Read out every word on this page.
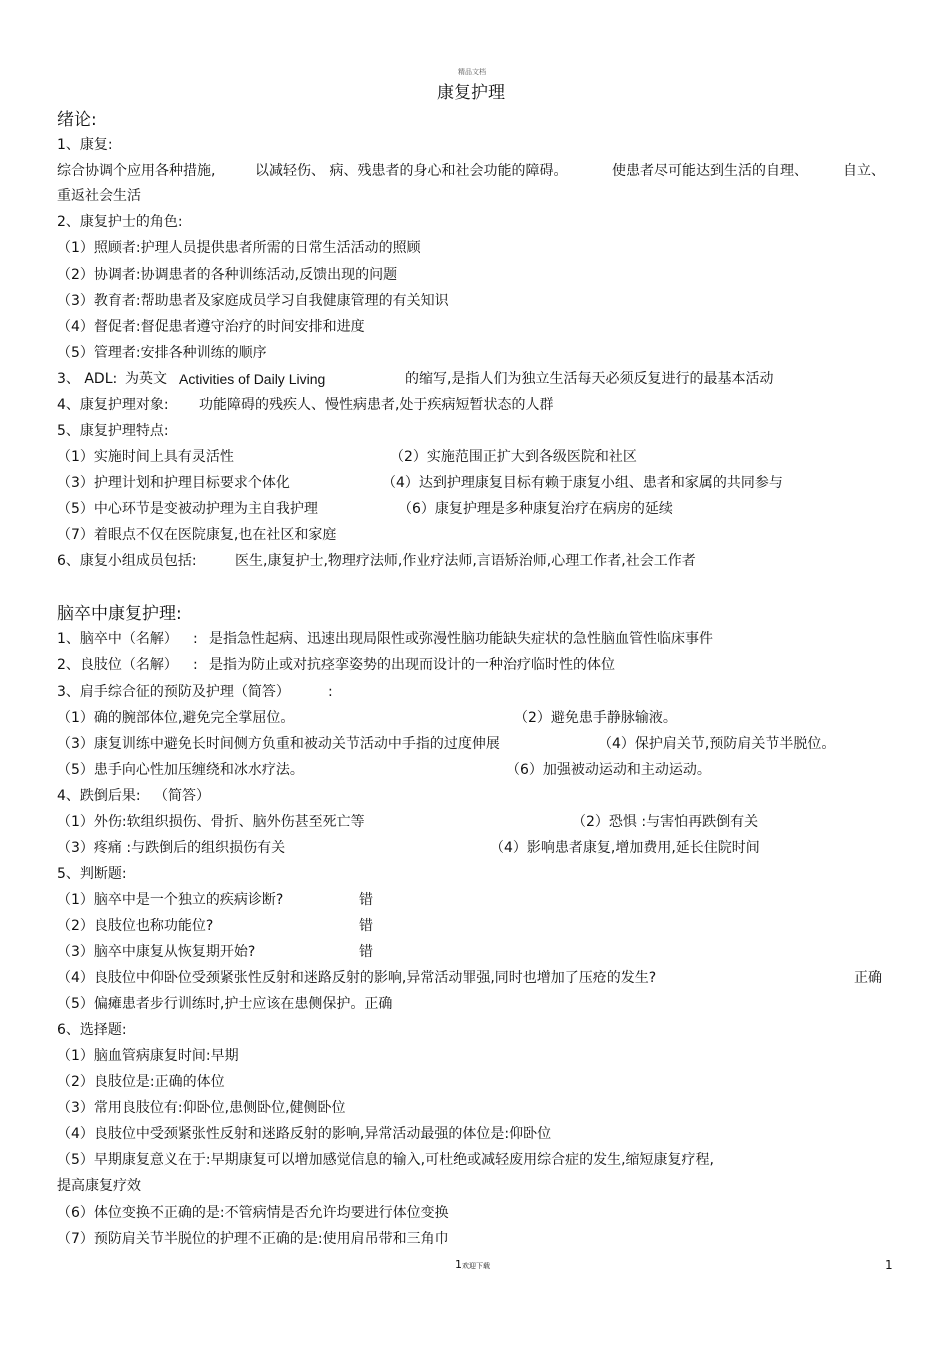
精品文档
康复护理
绪论:
1、康复:
综合协调个应用各种措施,	以减轻伤、 病、残患者的身心和社会功能的障碍。	使患者尽可能达到生活的自理、	自立、
重返社会生活
2、康复护士的角色:
（1）照顾者:护理人员提供患者所需的日常生活活动的照顾
（2）协调者:协调患者的各种训练活动,反馈出现的问题
（3）教育者:帮助患者及家庭成员学习自我健康管理的有关知识
（4）督促者:督促患者遵守治疗的时间安排和进度
（5）管理者:安排各种训练的顺序
3、 ADL: 为英文 Activities of Daily Living	的缩写,是指人们为独立生活每天必须反复进行的最基本活动
4、康复护理对象: 功能障碍的残疾人、慢性病患者,处于疾病短暂状态的人群
5、康复护理特点:
（1）实施时间上具有灵活性	（2）实施范围正扩大到各级医院和社区
（3）护理计划和护理目标要求个体化	（4）达到护理康复目标有赖于康复小组、患者和家属的共同参与
（5）中心环节是变被动护理为主自我护理	（6）康复护理是多种康复治疗在病房的延续
（7）着眼点不仅在医院康复,也在社区和家庭
6、康复小组成员包括:	医生,康复护士,物理疗法师,作业疗法师,言语矫治师,心理工作者,社会工作者
脑卒中康复护理:
1、脑卒中（名解） : 是指急性起病、迅速出现局限性或弥漫性脑功能缺失症状的急性脑血管性临床事件
2、良肢位（名解） : 是指为防止或对抗痉挛姿势的出现而设计的一种治疗临时性的体位
3、肩手综合征的预防及护理（简答）	:
（1）确的腕部体位,避免完全掌屈位。	（2）避免患手静脉输液。
（3）康复训练中避免长时间侧方负重和被动关节活动中手指的过度伸展	（4）保护肩关节,预防肩关节半脱位。
（5）患手向心性加压缠绕和冰水疗法。	（6）加强被动运动和主动运动。
4、跌倒后果: （简答）
（1）外伤:软组织损伤、骨折、脑外伤甚至死亡等	（2）恐惧 :与害怕再跌倒有关
（3）疼痛 :与跌倒后的组织损伤有关	（4）影响患者康复,增加费用,延长住院时间
5、判断题:
（1）脑卒中是一个独立的疾病诊断?	错
（2）良肢位也称功能位?	错
（3）脑卒中康复从恢复期开始?	错
（4）良肢位中仰卧位受颈紧张性反射和迷路反射的影响,异常活动罪强,同时也增加了压疮的发生?	正确
（5）偏瘫患者步行训练时,护士应该在患侧保护。正确
6、选择题:
（1）脑血管病康复时间:早期
（2）良肢位是:正确的体位
（3）常用良肢位有:仰卧位,患侧卧位,健侧卧位
（4）良肢位中受颈紧张性反射和迷路反射的影响,异常活动最强的体位是:仰卧位
（5）早期康复意义在于:早期康复可以增加感觉信息的输入,可杜绝或减轻废用综合症的发生,缩短康复疗程,
提高康复疗效
（6）体位变换不正确的是:不管病情是否允许均要进行体位变换
（7）预防肩关节半脱位的护理不正确的是:使用肩吊带和三角巾
1欢迎下载	1
